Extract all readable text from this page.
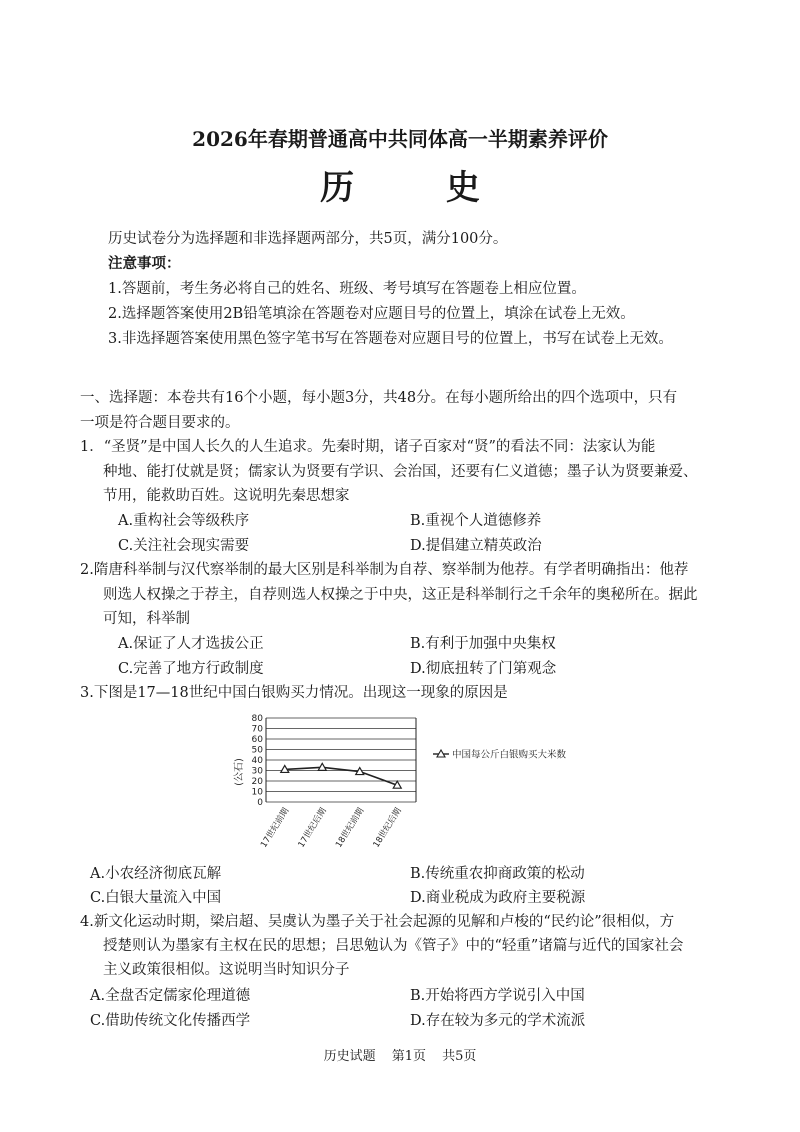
2026年春期普通高中共同体高一半期素养评价
历 史
历史试卷分为选择题和非选择题两部分，共5页，满分100分。
注意事项：
1.答题前，考生务必将自己的姓名、班级、考号填写在答题卷上相应位置。
2.选择题答案使用2B铅笔填涂在答题卷对应题目号的位置上，填涂在试卷上无效。
3.非选择题答案使用黑色签字笔书写在答题卷对应题目号的位置上，书写在试卷上无效。
一、选择题：本卷共有16个小题，每小题3分，共48分。在每小题所给出的四个选项中，只有
一项是符合题目要求的。
1．“圣贤”是中国人长久的人生追求。先秦时期，诸子百家对“贤”的看法不同：法家认为能
种地、能打仗就是贤；儒家认为贤要有学识、会治国，还要有仁义道德；墨子认为贤要兼爱、
节用，能救助百姓。这说明先秦思想家
A.重构社会等级秩序	B.重视个人道德修养
C.关注社会现实需要	D.提倡建立精英政治
2.隋唐科举制与汉代察举制的最大区别是科举制为自荐、察举制为他荐。有学者明确指出：他荐
则选人权操之于荐主，自荐则选人权操之于中央，这正是科举制行之千余年的奥秘所在。据此
可知，科举制
A.保证了人才选拔公正	B.有利于加强中央集权
C.完善了地方行政制度	D.彻底扭转了门第观念
3.下图是17—18世纪中国白银购买力情况。出现这一现象的原因是
0
10
20
30
40
50
60
70
80
17世纪前期 17世纪后期 18世纪前期 18世纪后期
中国每公斤白银购买大米数
(公石)
A.小农经济彻底瓦解	B.传统重农抑商政策的松动
C.白银大量流入中国	D.商业税成为政府主要税源
4.新文化运动时期，梁启超、吴虞认为墨子关于社会起源的见解和卢梭的“民约论”很相似，方
授楚则认为墨家有主权在民的思想；吕思勉认为《管子》中的“轻重”诸篇与近代的国家社会
主义政策很相似。这说明当时知识分子
A.全盘否定儒家伦理道德	B.开始将西方学说引入中国
C.借助传统文化传播西学	D.存在较为多元的学术流派
历史试题 第1页 共5页
